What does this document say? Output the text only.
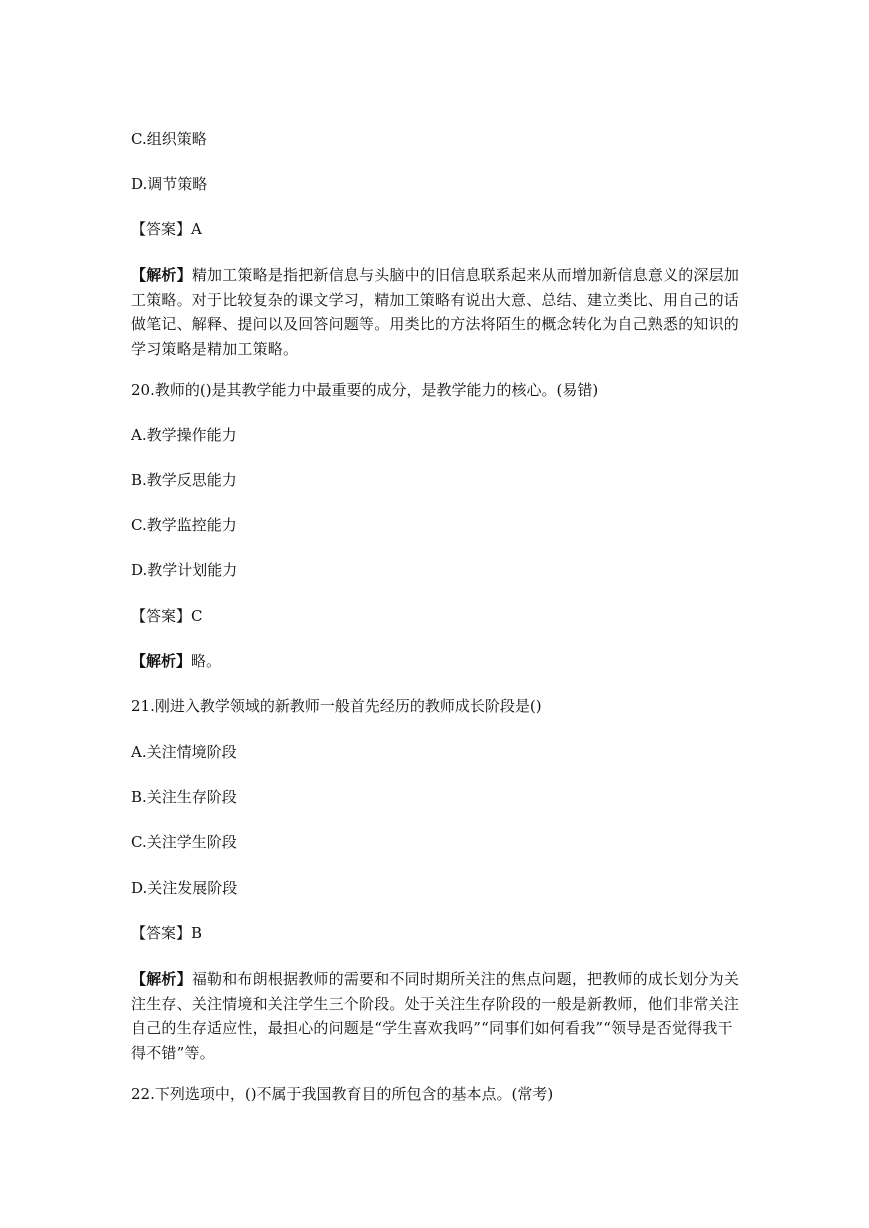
C.组织策略
D.调节策略
【答案】A
【解析】精加工策略是指把新信息与头脑中的旧信息联系起来从而增加新信息意义的深层加工策略。对于比较复杂的课文学习，精加工策略有说出大意、总结、建立类比、用自己的话做笔记、解释、提问以及回答问题等。用类比的方法将陌生的概念转化为自己熟悉的知识的学习策略是精加工策略。
20.教师的()是其教学能力中最重要的成分，是教学能力的核心。(易错)
A.教学操作能力
B.教学反思能力
C.教学监控能力
D.教学计划能力
【答案】C
【解析】略。
21.刚进入教学领域的新教师一般首先经历的教师成长阶段是()
A.关注情境阶段
B.关注生存阶段
C.关注学生阶段
D.关注发展阶段
【答案】B
【解析】福勒和布朗根据教师的需要和不同时期所关注的焦点问题，把教师的成长划分为关注生存、关注情境和关注学生三个阶段。处于关注生存阶段的一般是新教师，他们非常关注自己的生存适应性，最担心的问题是“学生喜欢我吗”“同事们如何看我”“领导是否觉得我干得不错”等。
22.下列选项中，()不属于我国教育目的所包含的基本点。(常考)
